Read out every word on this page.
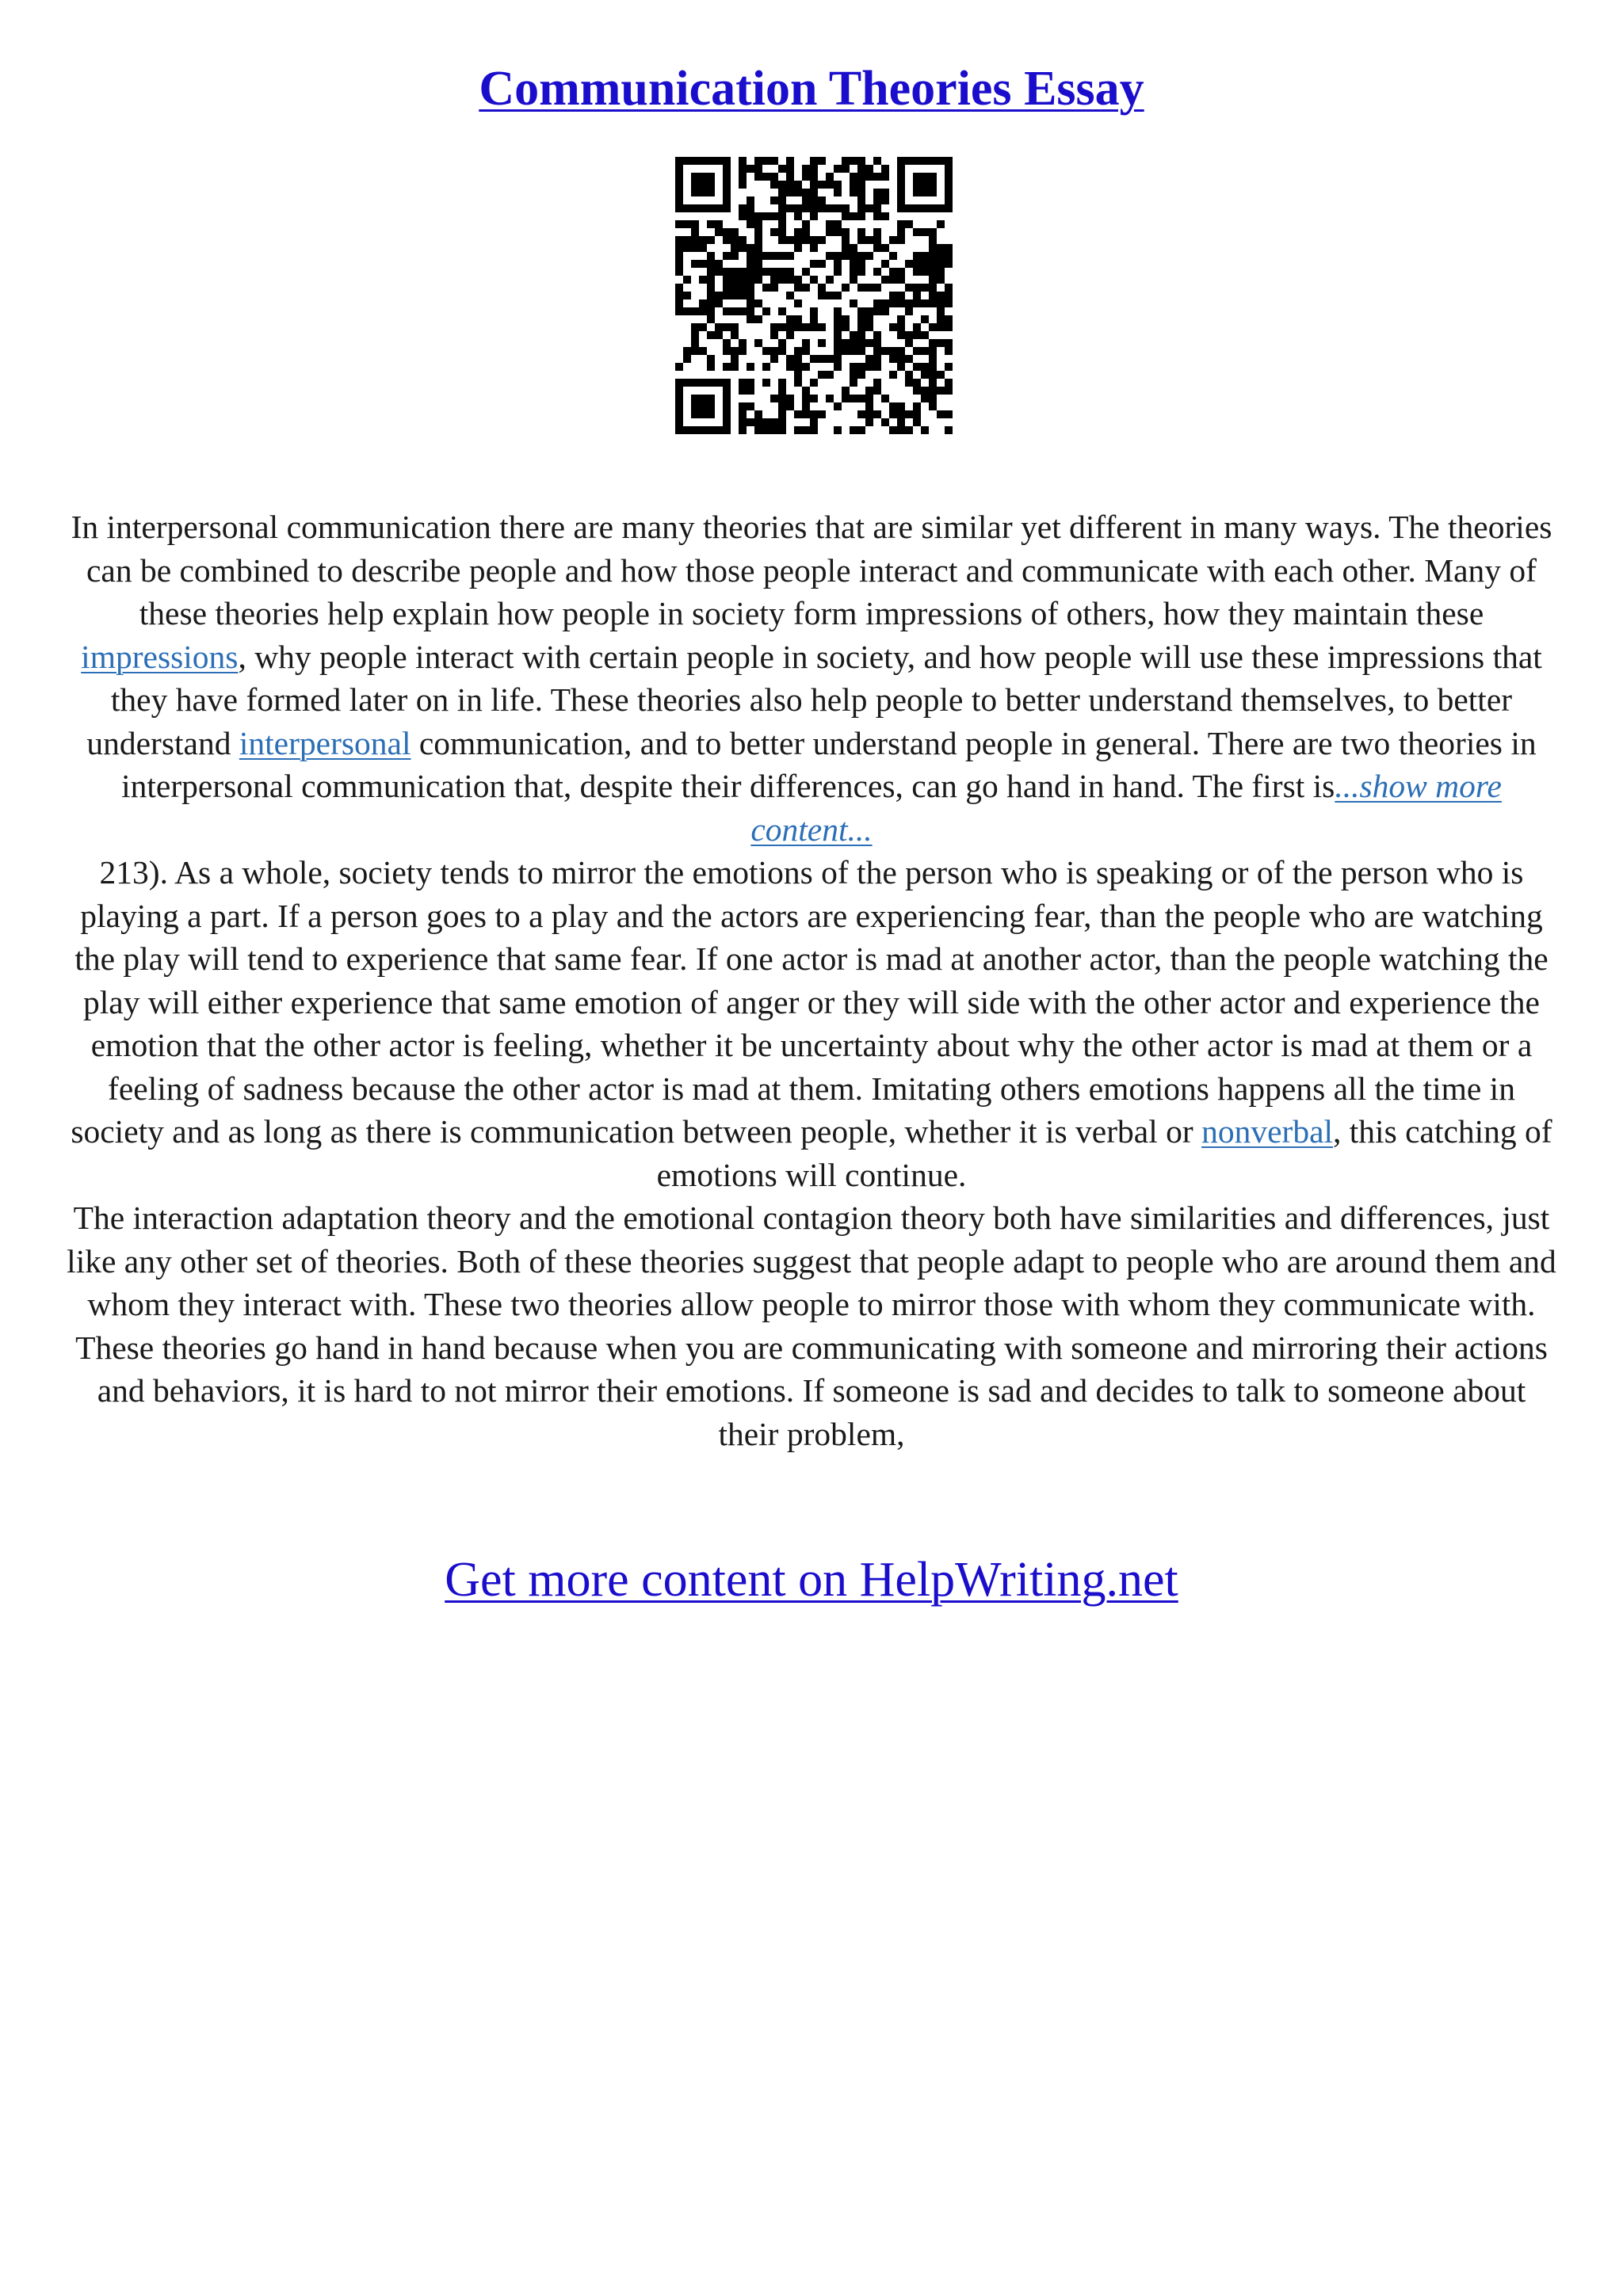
Communication Theories Essay

In interpersonal communication there are many theories that are similar yet different in many ways. The theories can be combined to describe people and how those people interact and communicate with each other. Many of these theories help explain how people in society form impressions of others, how they maintain these impressions, why people interact with certain people in society, and how people will use these impressions that they have formed later on in life. These theories also help people to better understand themselves, to better understand interpersonal communication, and to better understand people in general. There are two theories in interpersonal communication that, despite their differences, can go hand in hand. The first is...show more content...

213). As a whole, society tends to mirror the emotions of the person who is speaking or of the person who is playing a part. If a person goes to a play and the actors are experiencing fear, than the people who are watching the play will tend to experience that same fear. If one actor is mad at another actor, than the people watching the play will either experience that same emotion of anger or they will side with the other actor and experience the emotion that the other actor is feeling, whether it be uncertainty about why the other actor is mad at them or a feeling of sadness because the other actor is mad at them. Imitating others emotions happens all the time in society and as long as there is communication between people, whether it is verbal or nonverbal, this catching of emotions will continue.

The interaction adaptation theory and the emotional contagion theory both have similarities and differences, just like any other set of theories. Both of these theories suggest that people adapt to people who are around them and whom they interact with. These two theories allow people to mirror those with whom they communicate with. These theories go hand in hand because when you are communicating with someone and mirroring their actions and behaviors, it is hard to not mirror their emotions. If someone is sad and decides to talk to someone about their problem,

Get more content on HelpWriting.net
